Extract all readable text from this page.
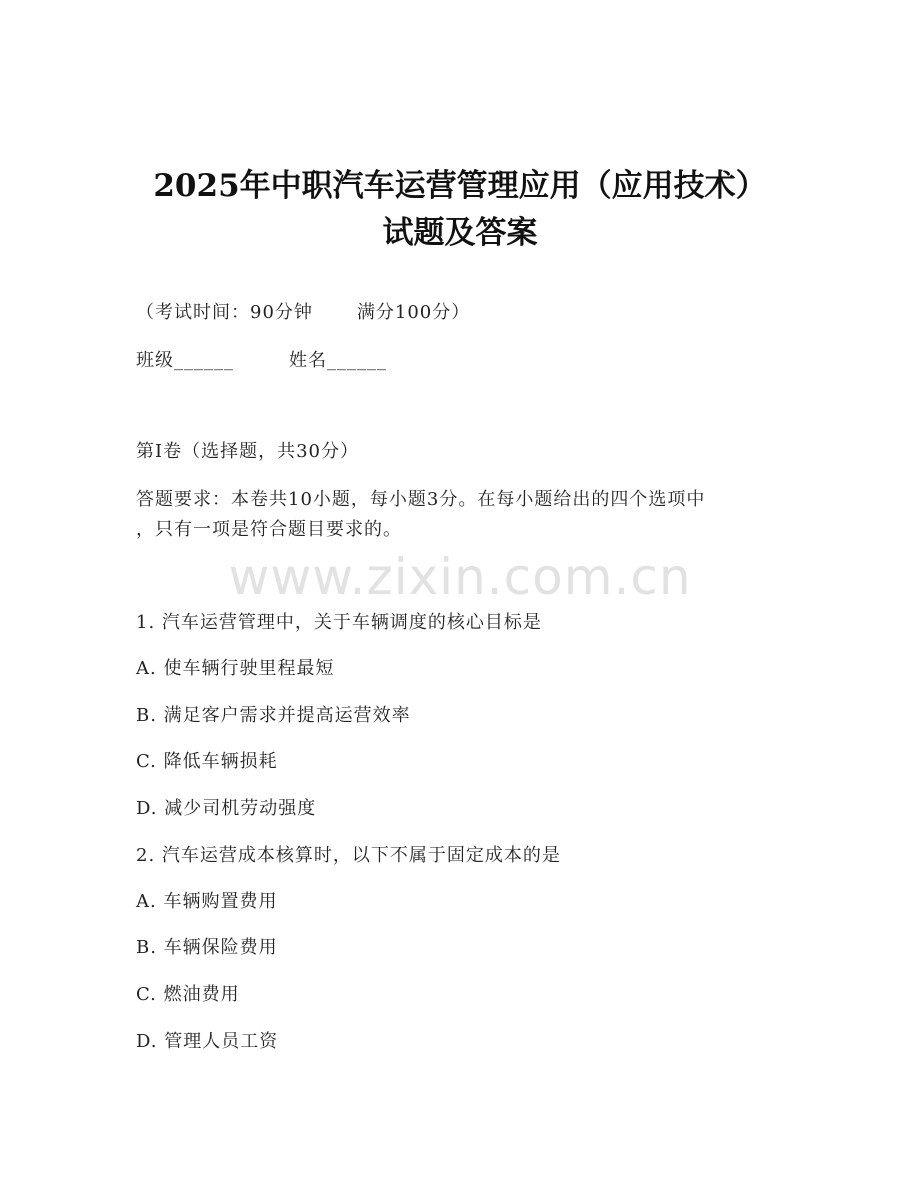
2025年中职汽车运营管理应用（应用技术）
试题及答案
（考试时间：90分钟 满分100分）
班级______	姓名______
第Ⅰ卷（选择题，共30分）
答题要求：本卷共10小题，每小题3分。在每小题给出的四个选项中
，只有一项是符合题目要求的。
www.zixin.com.cn
1. 汽车运营管理中，关于车辆调度的核心目标是
A. 使车辆行驶里程最短
B. 满足客户需求并提高运营效率
C. 降低车辆损耗
D. 减少司机劳动强度
2. 汽车运营成本核算时，以下不属于固定成本的是
A. 车辆购置费用
B. 车辆保险费用
C. 燃油费用
D. 管理人员工资
